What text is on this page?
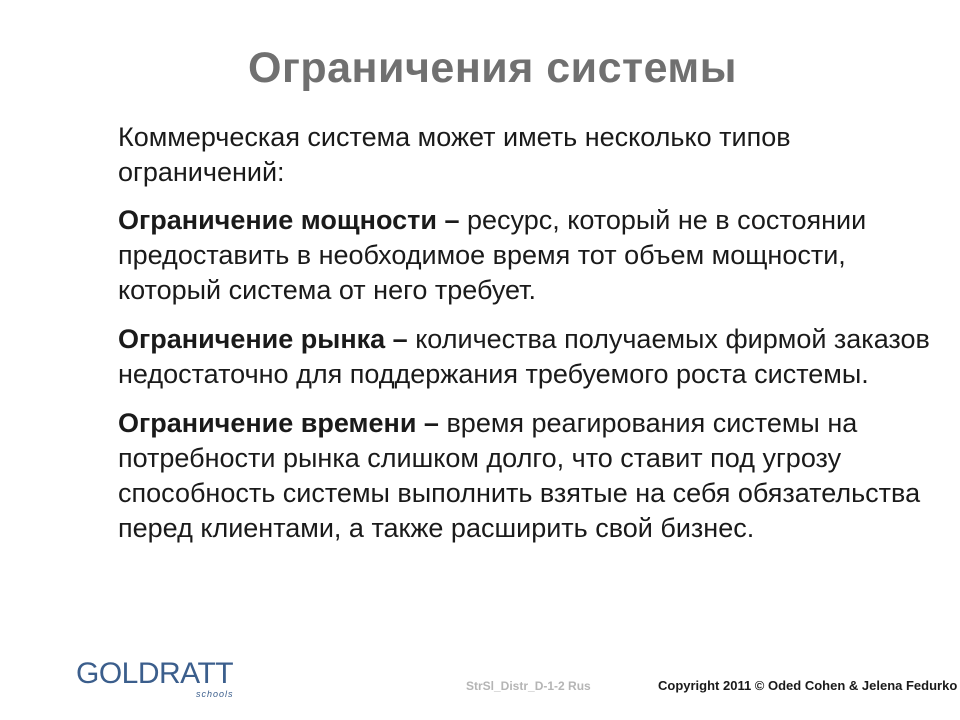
Ограничения системы

Коммерческая система может иметь несколько типов ограничений:

Ограничение мощности – ресурс, который не в состоянии предоставить в необходимое время тот объем мощности, который система от него требует.

Ограничение рынка – количества получаемых фирмой заказов недостаточно для поддержания требуемого роста системы.

Ограничение времени – время реагирования системы на потребности рынка слишком долго, что ставит под угрозу способность системы выполнить взятые на себя обязательства перед клиентами, а также расширить свой бизнес.

GOLDRATT
schools
StrSl_Distr_D-1-2 Rus	Copyright 2011 © Oded Cohen & Jelena Fedurko
